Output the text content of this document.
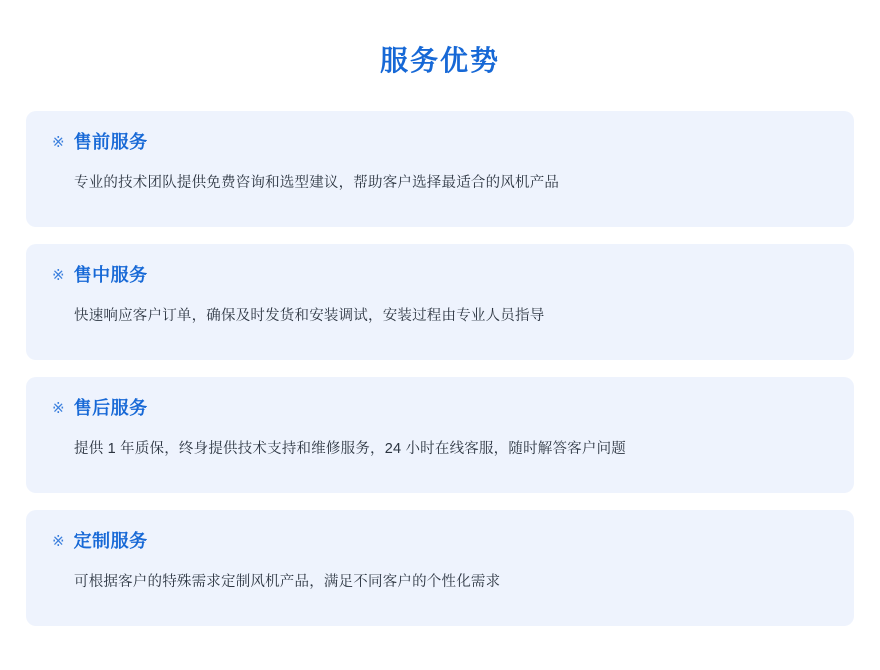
服务优势
※ 售前服务
专业的技术团队提供免费咨询和选型建议，帮助客户选择最适合的风机产品
※ 售中服务
快速响应客户订单，确保及时发货和安装调试，安装过程由专业人员指导
※ 售后服务
提供 1 年质保，终身提供技术支持和维修服务，24 小时在线客服，随时解答客户问题
※ 定制服务
可根据客户的特殊需求定制风机产品，满足不同客户的个性化需求
